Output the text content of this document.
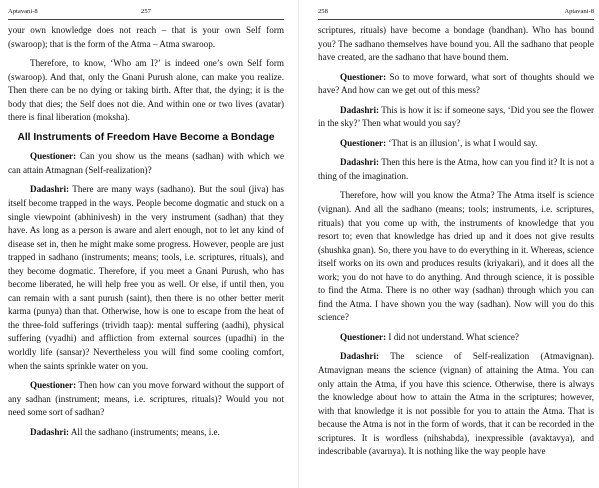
Aptavani-8	257

your own knowledge does not reach – that is your own Self form (swaroop); that is the form of the Atma – Atma swaroop.

Therefore, to know, ‘Who am I?’ is indeed one’s own Self form (swaroop). And that, only the Gnani Purush alone, can make you realize. Then there can be no dying or taking birth. After that, the dying; it is the body that dies; the Self does not die. And within one or two lives (avatar) there is final liberation (moksha).

All Instruments of Freedom Have Become a Bondage

Questioner: Can you show us the means (sadhan) with which we can attain Atmagnan (Self-realization)?

Dadashri: There are many ways (sadhano). But the soul (jiva) has itself become trapped in the ways. People become dogmatic and stuck on a single viewpoint (abhinivesh) in the very instrument (sadhan) that they have. As long as a person is aware and alert enough, not to let any kind of disease set in, then he might make some progress. However, people are just trapped in sadhano (instruments; means; tools, i.e. scriptures, rituals), and they become dogmatic. Therefore, if you meet a Gnani Purush, who has become liberated, he will help free you as well. Or else, if until then, you can remain with a sant purush (saint), then there is no other better merit karma (punya) than that. Otherwise, how is one to escape from the heat of the three-fold sufferings (trividh taap): mental suffering (aadhi), physical suffering (vyadhi) and affliction from external sources (upadhi) in the worldly life (sansar)? Nevertheless you will find some cooling comfort, when the saints sprinkle water on you.

Questioner: Then how can you move forward without the support of any sadhan (instrument; means, i.e. scriptures, rituals)? Would you not need some sort of sadhan?

Dadashri: All the sadhano (instruments; means, i.e.

258	Aptavani-8

scriptures, rituals) have become a bondage (bandhan). Who has bound you? The sadhano themselves have bound you. All the sadhano that people have created, are the sadhano that have bound them.

Questioner: So to move forward, what sort of thoughts should we have? And how can we get out of this mess?

Dadashri: This is how it is: if someone says, ‘Did you see the flower in the sky?’ Then what would you say?

Questioner: ‘That is an illusion’, is what I would say.

Dadashri: Then this here is the Atma, how can you find it? It is not a thing of the imagination.

Therefore, how will you know the Atma? The Atma itself is science (vignan). And all the sadhano (means; tools; instruments, i.e. scriptures, rituals) that you come up with, the instruments of knowledge that you resort to; even that knowledge has dried up and it does not give results (shushka gnan). So, there you have to do everything in it. Whereas, science itself works on its own and produces results (kriyakari), and it does all the work; you do not have to do anything. And through science, it is possible to find the Atma. There is no other way (sadhan) through which you can find the Atma. I have shown you the way (sadhan). Now will you do this science?

Questioner: I did not understand. What science?

Dadashri: The science of Self-realization (Atmavignan). Atmavignan means the science (vignan) of attaining the Atma. You can only attain the Atma, if you have this science. Otherwise, there is always the knowledge about how to attain the Atma in the scriptures; however, with that knowledge it is not possible for you to attain the Atma. That is because the Atma is not in the form of words, that it can be recorded in the scriptures. It is wordless (nihshabda), inexpressible (avaktavya), and indescribable (avarnya). It is nothing like the way people have
